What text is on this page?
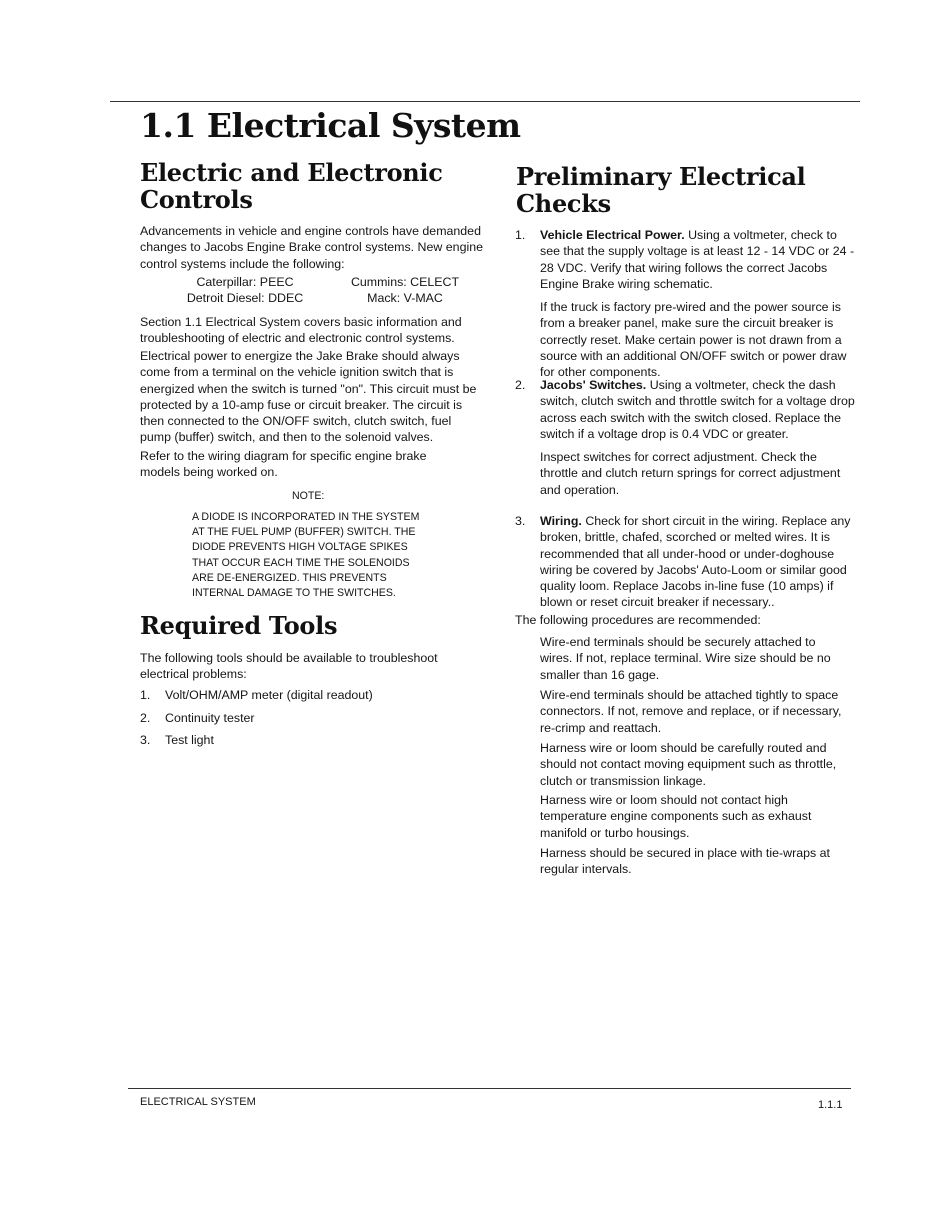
1.1 Electrical System
Electric and Electronic Controls

Advancements in vehicle and engine controls have demanded changes to Jacobs Engine Brake control systems. New engine control systems include the following:

Caterpillar: PEEC	Cummins: CELECT
Detroit Diesel: DDEC	Mack: V-MAC

Section 1.1 Electrical System covers basic information and troubleshooting of electric and electronic control systems.

Electrical power to energize the Jake Brake should always come from a terminal on the vehicle ignition switch that is energized when the switch is turned "on". This circuit must be protected by a 10-amp fuse or circuit breaker. The circuit is then connected to the ON/OFF switch, clutch switch, fuel pump (buffer) switch, and then to the solenoid valves.

Refer to the wiring diagram for specific engine brake models being worked on.

NOTE:
A DIODE IS INCORPORATED IN THE SYSTEM
AT THE FUEL PUMP (BUFFER) SWITCH. THE
DIODE PREVENTS HIGH VOLTAGE SPIKES
THAT OCCUR EACH TIME THE SOLENOIDS
ARE DE-ENERGIZED. THIS PREVENTS
INTERNAL DAMAGE TO THE SWITCHES.
Required Tools

The following tools should be available to troubleshoot electrical problems:

1. Volt/OHM/AMP meter (digital readout)
2. Continuity tester
3. Test light
Preliminary Electrical Checks
1. Vehicle Electrical Power. Using a voltmeter, check to see that the supply voltage is at least 12 - 14 VDC or 24 - 28 VDC. Verify that wiring follows the correct Jacobs Engine Brake wiring schematic.
If the truck is factory pre-wired and the power source is from a breaker panel, make sure the circuit breaker is correctly reset. Make certain power is not drawn from a source with an additional ON/OFF switch or power draw for other components.
2. Jacobs' Switches. Using a voltmeter, check the dash switch, clutch switch and throttle switch for a voltage drop across each switch with the switch closed. Replace the switch if a voltage drop is 0.4 VDC or greater.
Inspect switches for correct adjustment. Check the throttle and clutch return springs for correct adjustment and operation.
3. Wiring. Check for short circuit in the wiring. Replace any broken, brittle, chafed, scorched or melted wires. It is recommended that all under-hood or under-doghouse wiring be covered by Jacobs' Auto-Loom or similar good quality loom. Replace Jacobs in-line fuse (10 amps) if blown or reset circuit breaker if necessary..

The following procedures are recommended:

Wire-end terminals should be securely attached to wires. If not, replace terminal. Wire size should be no smaller than 16 gage.

Wire-end terminals should be attached tightly to space connectors. If not, remove and replace, or if necessary, re-crimp and reattach.

Harness wire or loom should be carefully routed and should not contact moving equipment such as throttle, clutch or transmission linkage.

Harness wire or loom should not contact high temperature engine components such as exhaust manifold or turbo housings.

Harness should be secured in place with tie-wraps at regular intervals.

ELECTRICAL SYSTEM	1.1.1
